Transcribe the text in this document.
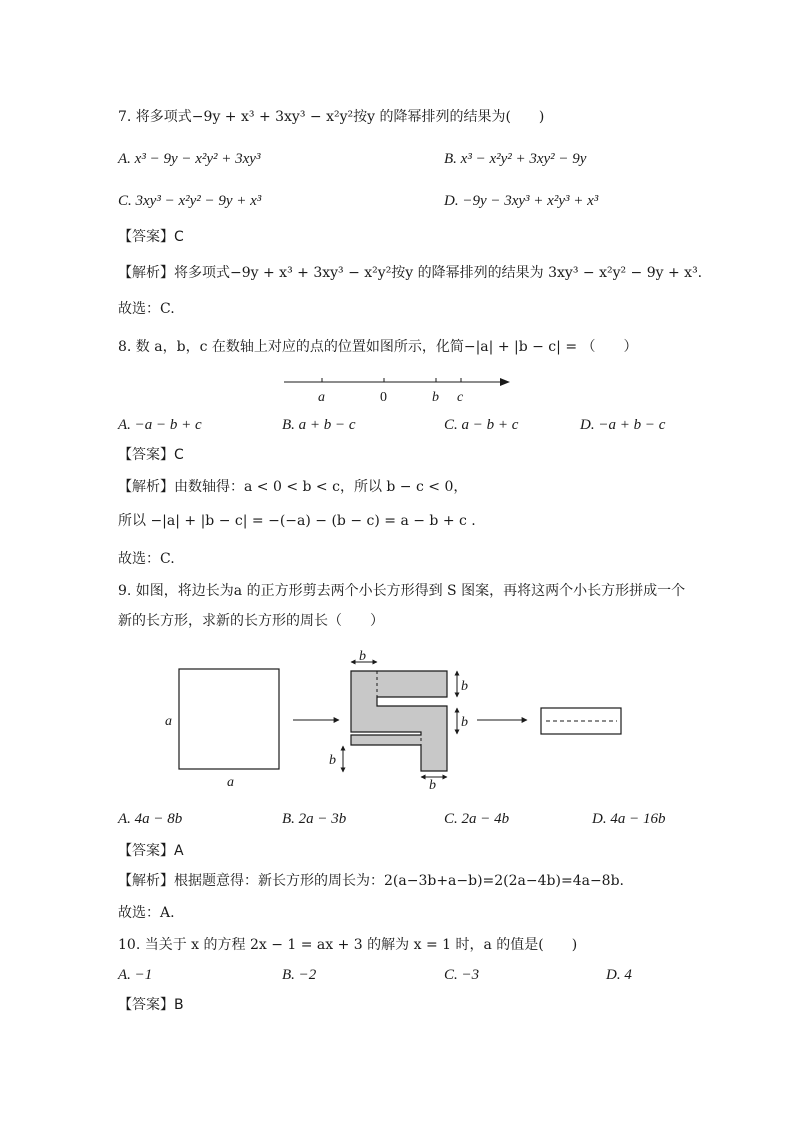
7. 将多项式−9y + x³ + 3xy³ − x²y²按y 的降幂排列的结果为(　　)
A. x³ − 9y − x²y² + 3xy³	B. x³ − x²y² + 3xy² − 9y
C. 3xy³ − x²y² − 9y + x³	D. −9y − 3xy³ + x²y³ + x³
【答案】C
【解析】将多项式−9y + x³ + 3xy³ − x²y²按y 的降幂排列的结果为 3xy³ − x²y² − 9y + x³.
故选：C.
8. 数 a，b，c 在数轴上对应的点的位置如图所示，化简−|a| + |b − c| = （　　）
a	0	b c
A. −a − b + c	B. a + b − c	C. a − b + c	D. −a + b − c
【答案】C
【解析】由数轴得：a < 0 < b < c，所以 b − c < 0，
所以 −|a| + |b − c| = −(−a) − (b − c) = a − b + c .
故选：C.
9. 如图，将边长为a 的正方形剪去两个小长方形得到 S 图案，再将这两个小长方形拼成一个
新的长方形，求新的长方形的周长（　　）
a
a
b
b
b
b
b
A. 4a − 8b	B. 2a − 3b	C. 2a − 4b	D. 4a − 16b
【答案】A
【解析】根据题意得：新长方形的周长为：2(a−3b+a−b)=2(2a−4b)=4a−8b.
故选：A.
10. 当关于 x 的方程 2x − 1 = ax + 3 的解为 x = 1 时，a 的值是(　　)
A. −1	B. −2	C. −3	D. 4
【答案】B
